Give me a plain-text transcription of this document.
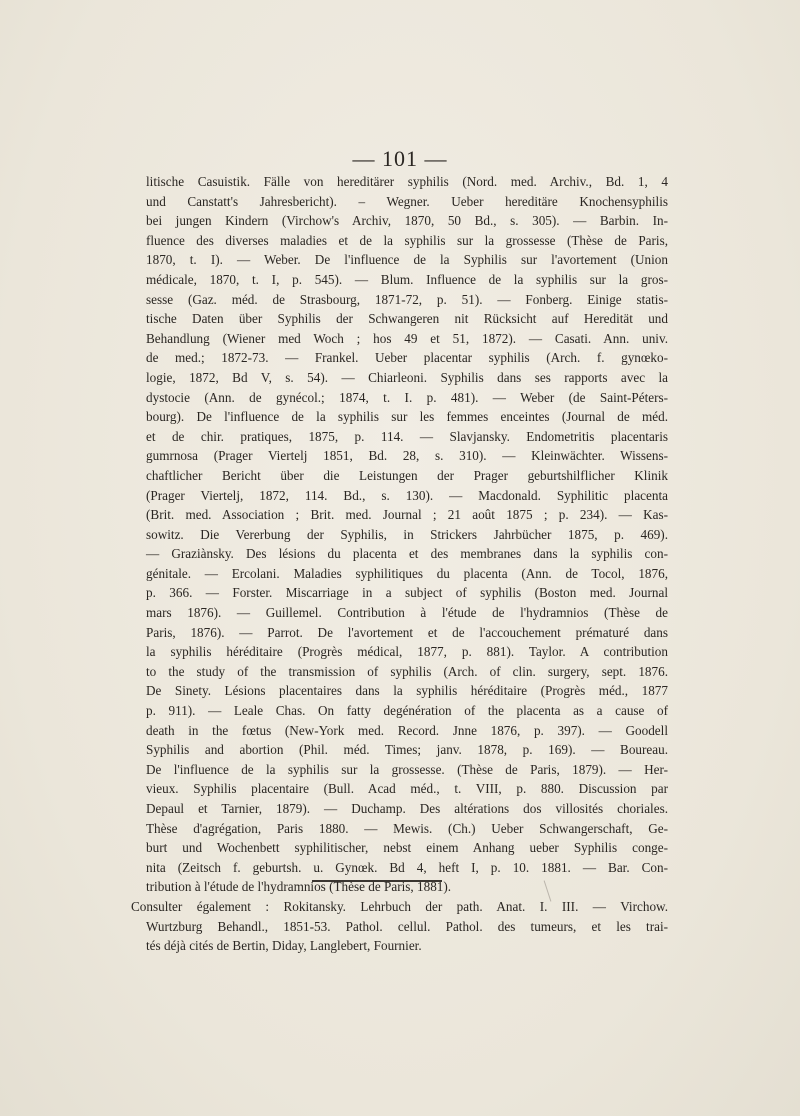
— 101 —
litische Casuistik. Fälle von hereditärer syphilis (Nord. med. Archiv., Bd. 1, 4
und Canstatt's Jahresbericht). – Wegner. Ueber hereditäre Knochensyphilis
bei jungen Kindern (Virchow's Archiv, 1870, 50 Bd., s. 305). — Barbin. In-
fluence des diverses maladies et de la syphilis sur la grossesse (Thèse de Paris,
1870, t. I). — Weber. De l'influence de la Syphilis sur l'avortement (Union
médicale, 1870, t. I, p. 545). — Blum. Influence de la syphilis sur la gros-
sesse (Gaz. méd. de Strasbourg, 1871-72, p. 51). — Fonberg. Einige statis-
tische Daten über Syphilis der Schwangeren nit Rücksicht auf Heredität und
Behandlung (Wiener med Woch ; hos 49 et 51, 1872). — Casati. Ann. univ.
de med.; 1872-73. — Frankel. Ueber placentar syphilis (Arch. f. gynœko-
logie, 1872, Bd V, s. 54). — Chiarleoni. Syphilis dans ses rapports avec la
dystocie (Ann. de gynécol.; 1874, t. I. p. 481). — Weber (de Saint-Péters-
bourg). De l'influence de la syphilis sur les femmes enceintes (Journal de méd.
et de chir. pratiques, 1875, p. 114. — Slavjansky. Endometritis placentaris
gumrnosa (Prager Viertelj 1851, Bd. 28, s. 310). — Kleinwächter. Wissens-
chaftlicher Bericht über die Leistungen der Prager geburtshilflicher Klinik
(Prager Viertelj, 1872, 114. Bd., s. 130). — Macdonald. Syphilitic placenta
(Brit. med. Association ; Brit. med. Journal ; 21 août 1875 ; p. 234). — Kas-
sowitz. Die Vererbung der Syphilis, in Strickers Jahrbücher 1875, p. 469).
— Graziànsky. Des lésions du placenta et des membranes dans la syphilis con-
génitale. — Ercolani. Maladies syphilitiques du placenta (Ann. de Tocol, 1876,
p. 366. — Forster. Miscarriage in a subject of syphilis (Boston med. Journal
mars 1876). — Guillemel. Contribution à l'étude de l'hydramnios (Thèse de
Paris, 1876). — Parrot. De l'avortement et de l'accouchement prématuré dans
la syphilis héréditaire (Progrès médical, 1877, p. 881). Taylor. A contribution
to the study of the transmission of syphilis (Arch. of clin. surgery, sept. 1876.
De Sinety. Lésions placentaires dans la syphilis héréditaire (Progrès méd., 1877
p. 911). — Leale Chas. On fatty degénération of the placenta as a cause of
death in the fœtus (New-York med. Record. Jnne 1876, p. 397). — Goodell
Syphilis and abortion (Phil. méd. Times; janv. 1878, p. 169). — Boureau.
De l'influence de la syphilis sur la grossesse. (Thèse de Paris, 1879). — Her-
vieux. Syphilis placentaire (Bull. Acad méd., t. VIII, p. 880. Discussion par
Depaul et Tarnier, 1879). — Duchamp. Des altérations dos villosités choriales.
Thèse d'agrégation, Paris 1880. — Mewis. (Ch.) Ueber Schwangerschaft, Ge-
burt und Wochenbett syphilitischer, nebst einem Anhang ueber Syphilis conge-
nita (Zeitsch f. geburtsh. u. Gynœk. Bd 4, heft I, p. 10. 1881. — Bar. Con-
tribution à l'étude de l'hydramnios (Thèse de Paris, 1881).
Consulter également : Rokitansky. Lehrbuch der path. Anat. I. III. — Virchow.
Wurtzburg Behandl., 1851-53. Pathol. cellul. Pathol. des tumeurs, et les trai-
tés déjà cités de Bertin, Diday, Langlebert, Fournier.
